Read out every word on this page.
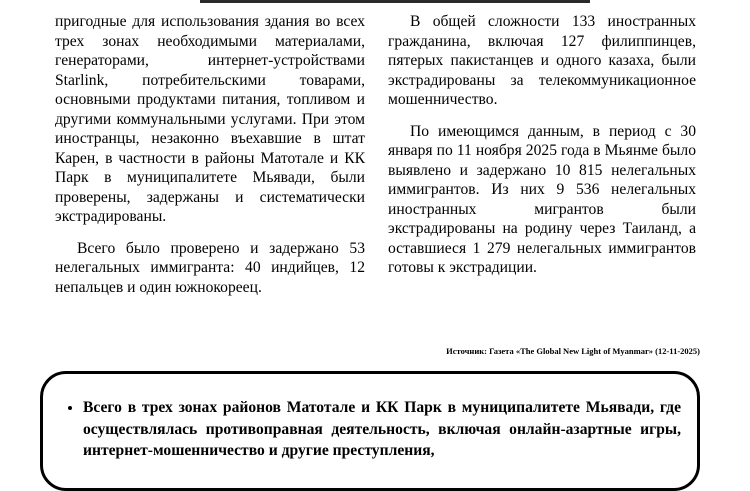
пригодные для использования здания во всех трех зонах необходимыми материалами, генераторами, интернет-устройствами Starlink, потребительскими товарами, основными продуктами питания, топливом и другими коммунальными услугами. При этом иностранцы, незаконно въехавшие в штат Карен, в частности в районы Матотале и КК Парк в муниципалитете Мьявади, были проверены, задержаны и систематически экстрадированы.

Всего было проверено и задержано 53 нелегальных иммигранта: 40 индийцев, 12 непальцев и один южнокореец.

В общей сложности 133 иностранных гражданина, включая 127 филиппинцев, пятерых пакистанцев и одного казаха, были экстрадированы за телекоммуникационное мошенничество.

По имеющимся данным, в период с 30 января по 11 ноября 2025 года в Мьянме было выявлено и задержано 10 815 нелегальных иммигрантов. Из них 9 536 нелегальных иностранных мигрантов были экстрадированы на родину через Таиланд, а оставшиеся 1 279 нелегальных иммигрантов готовы к экстрадиции.

Источник: Газета «The Global New Light of Myanmar» (12-11-2025)
• Всего в трех зонах районов Матотале и КК Парк в муниципалитете Мьявади, где осуществлялась противоправная деятельность, включая онлайн-азартные игры, интернет-мошенничество и другие преступления,
